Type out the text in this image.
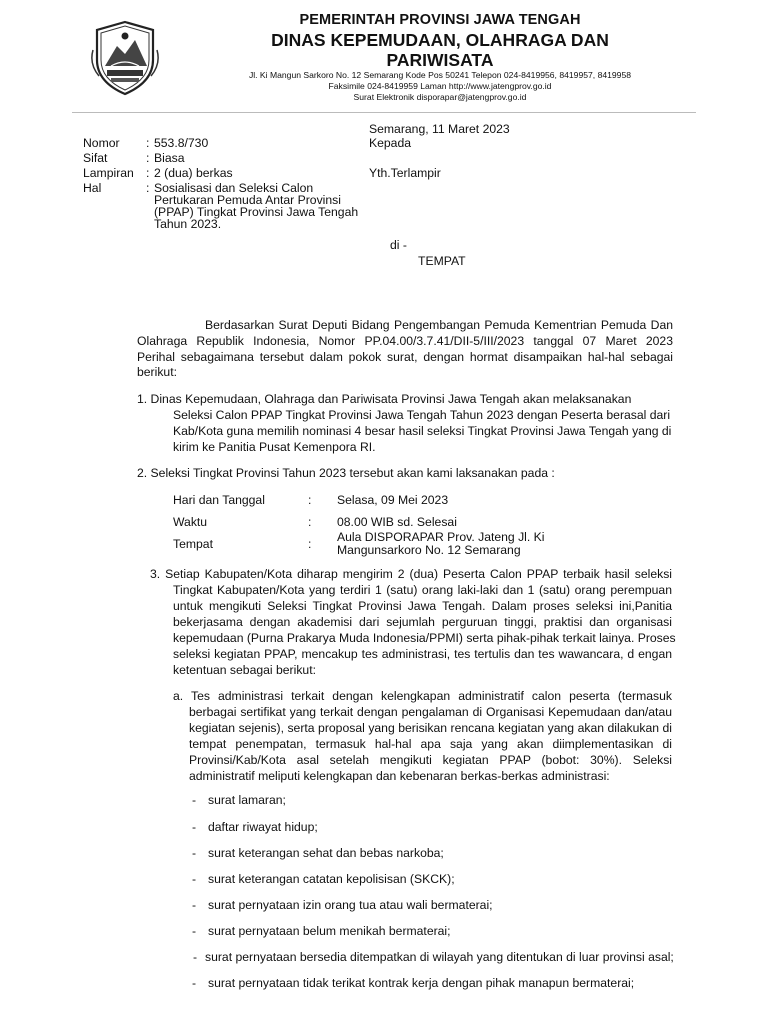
PEMERINTAH PROVINSI JAWA TENGAH
DINAS KEPEMUDAAN, OLAHRAGA DAN
PARIWISATA
Jl. Ki Mangun Sarkoro No. 12 Semarang Kode Pos 50241 Telepon 024-8419956, 8419957, 8419958
Faksimile 024-8419959 Laman http://www.jatengprov.go.id
Surat Elektronik disporapar@jatengprov.go.id
Semarang, 11 Maret 2023
Kepada
Yth.Terlampir
di -
TEMPAT
Nomor : 553.8/730
Sifat	: Biasa
Lampiran : 2 (dua) berkas
Hal	: Sosialisasi dan Seleksi Calon
Pertukaran Pemuda Antar Provinsi
(PPAP) Tingkat Provinsi Jawa Tengah
Tahun 2023.
Berdasarkan Surat Deputi Bidang Pengembangan Pemuda Kementrian Pemuda Dan
Olahraga Republik Indonesia, Nomor PP.04.00/3.7.41/DII-5/III/2023 tanggal 07 Maret 2023
Perihal sebagaimana tersebut dalam pokok surat, dengan hormat disampaikan hal-hal sebagai
berikut:
1. Dinas Kepemudaan, Olahraga dan Pariwisata Provinsi Jawa Tengah akan melaksanakan
Seleksi Calon PPAP Tingkat Provinsi Jawa Tengah Tahun 2023 dengan Peserta berasal dari
Kab/Kota guna memilih nominasi 4 besar hasil seleksi Tingkat Provinsi Jawa Tengah yang di
kirim ke Panitia Pusat Kemenpora RI.
2. Seleksi Tingkat Provinsi Tahun 2023 tersebut akan kami laksanakan pada :
Hari dan Tanggal	: Selasa, 09 Mei 2023
Waktu	: 08.00 WIB sd. Selesai
Tempat	: Aula DISPORAPAR Prov. Jateng Jl. Ki
Mangunsarkoro No. 12 Semarang
3. Setiap Kabupaten/Kota diharap mengirim 2 (dua) Peserta Calon PPAP terbaik hasil seleksi
Tingkat Kabupaten/Kota yang terdiri 1 (satu) orang laki-laki dan 1 (satu) orang perempuan
untuk mengikuti Seleksi Tingkat Provinsi Jawa Tengah. Dalam proses seleksi ini,Panitia
bekerjasama dengan akademisi dari sejumlah perguruan tinggi, praktisi dan organisasi
kepemudaan (Purna Prakarya Muda Indonesia/PPMI) serta pihak-pihak terkait lainya. Proses
seleksi kegiatan PPAP, mencakup tes administrasi, tes tertulis dan tes wawancara, d engan
ketentuan sebagai berikut:
a. Tes administrasi terkait dengan kelengkapan administratif calon peserta (termasuk
berbagai sertifikat yang terkait dengan pengalaman di Organisasi Kepemudaan dan/atau
kegiatan sejenis), serta proposal yang berisikan rencana kegiatan yang akan dilakukan di
tempat penempatan, termasuk hal-hal apa saja yang akan diimplementasikan di
Provinsi/Kab/Kota asal setelah mengikuti kegiatan PPAP (bobot: 30%). Seleksi
administratif meliputi kelengkapan dan kebenaran berkas-berkas administrasi:
- surat lamaran;
- daftar riwayat hidup;
- surat keterangan sehat dan bebas narkoba;
- surat keterangan catatan kepolisisan (SKCK);
- surat pernyataan izin orang tua atau wali bermaterai;
- surat pernyataan belum menikah bermaterai;
- surat pernyataan bersedia ditempatkan di wilayah yang ditentukan di luar provinsi asal;
- surat pernyataan tidak terikat kontrak kerja dengan pihak manapun bermaterai;
